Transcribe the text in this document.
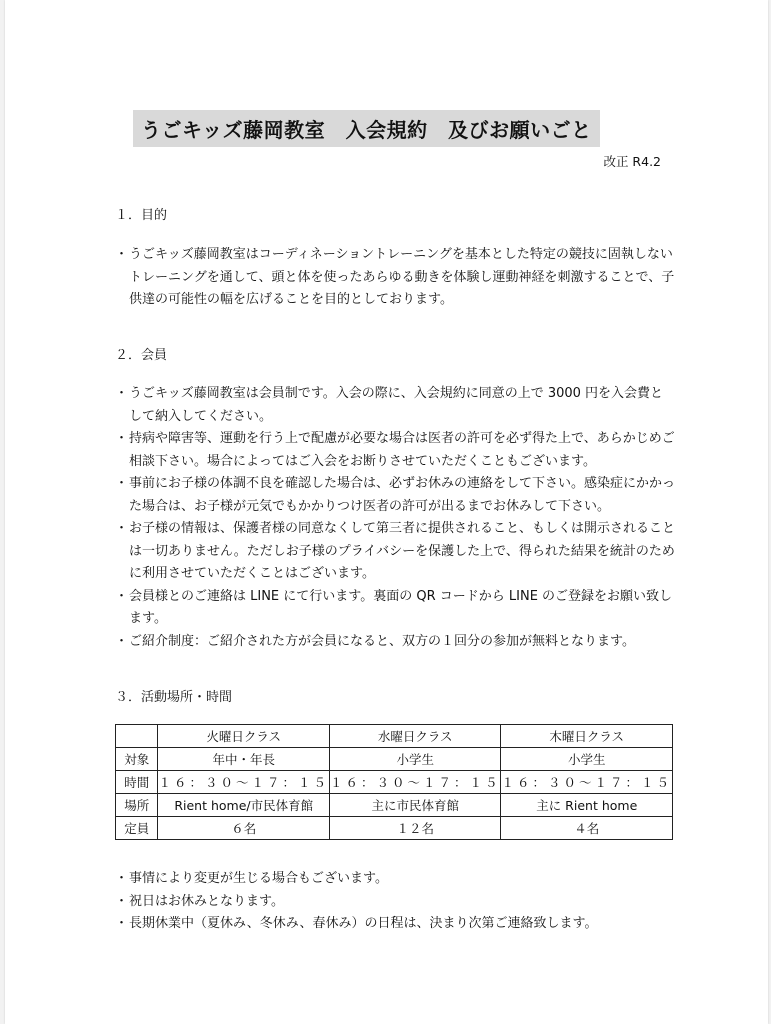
うごキッズ藤岡教室　入会規約　及びお願いごと
改正 R4.2
１．目的
・ うごキッズ藤岡教室はコーディネーショントレーニングを基本とした特定の競技に固執しないトレーニングを通して、頭と体を使ったあらゆる動きを体験し運動神経を刺激することで、子供達の可能性の幅を広げることを目的としております。
２．会員
・ うごキッズ藤岡教室は会員制です。入会の際に、入会規約に同意の上で 3000 円を入会費として納入してください。
・ 持病や障害等、運動を行う上で配慮が必要な場合は医者の許可を必ず得た上で、あらかじめご相談下さい。場合によってはご入会をお断りさせていただくこともございます。
・ 事前にお子様の体調不良を確認した場合は、必ずお休みの連絡をして下さい。感染症にかかった場合は、お子様が元気でもかかりつけ医者の許可が出るまでお休みして下さい。
・ お子様の情報は、保護者様の同意なくして第三者に提供されること、もしくは開示されることは一切ありません。ただしお子様のプライバシーを保護した上で、得られた結果を統計のために利用させていただくことはございます。
・ 会員様とのご連絡は LINE にて行います。裏面の QR コードから LINE のご登録をお願い致します。
・ ご紹介制度：ご紹介された方が会員になると、双方の１回分の参加が無料となります。
３．活動場所・時間
	火曜日クラス	水曜日クラス	木曜日クラス
対象	年中・年長	小学生	小学生
時間	１６：３０～１７：１５	１６：３０～１７：１５	１６：３０～１７：１５
場所	Rient home/市民体育館	主に市民体育館	主に Rient home
定員	６名	１２名	４名
・ 事情により変更が生じる場合もございます。
・ 祝日はお休みとなります。
・ 長期休業中（夏休み、冬休み、春休み）の日程は、決まり次第ご連絡致します。
